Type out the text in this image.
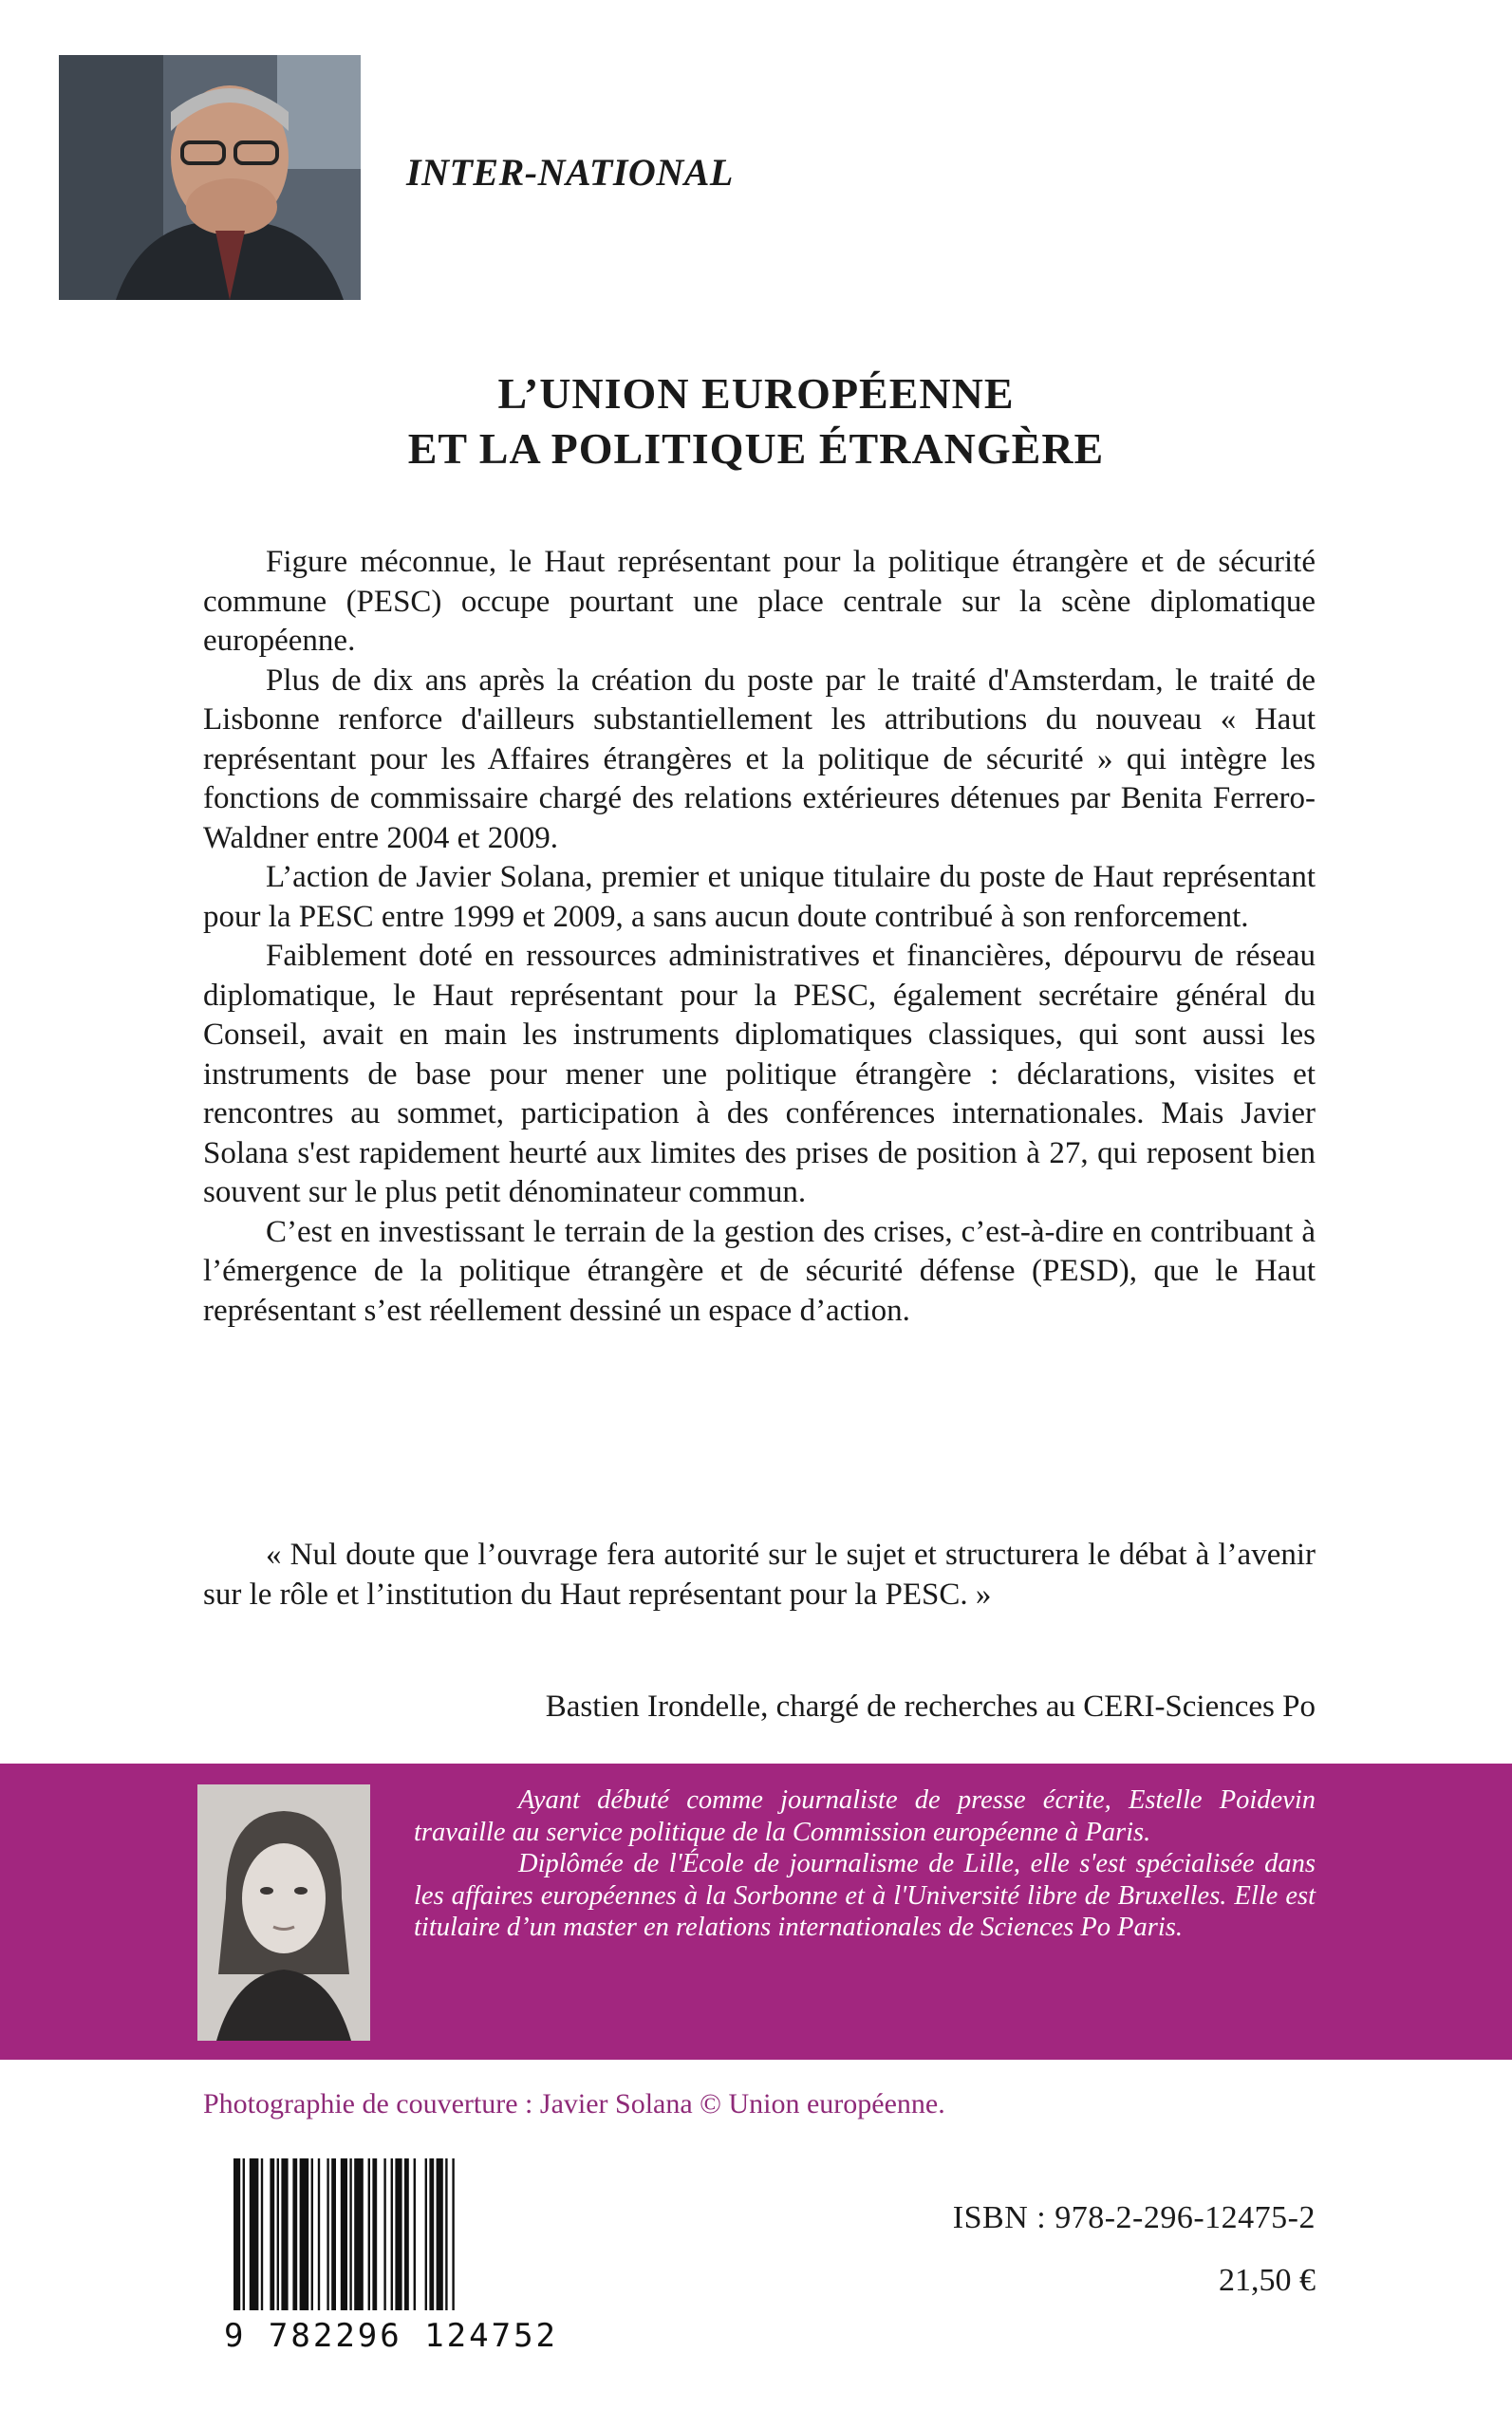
INTER-NATIONAL
L’UNION EUROPÉENNE
ET LA POLITIQUE ÉTRANGÈRE

Figure méconnue, le Haut représentant pour la politique étrangère et de sécurité commune (PESC) occupe pourtant une place centrale sur la scène diplomatique européenne.

Plus de dix ans après la création du poste par le traité d'Amsterdam, le traité de Lisbonne renforce d'ailleurs substantiellement les attributions du nouveau « Haut représentant pour les Affaires étrangères et la politique de sécurité » qui intègre les fonctions de commissaire chargé des relations extérieures détenues par Benita Ferrero-Waldner entre 2004 et 2009.

L’action de Javier Solana, premier et unique titulaire du poste de Haut représentant pour la PESC entre 1999 et 2009, a sans aucun doute contribué à son renforcement.

Faiblement doté en ressources administratives et financières, dépourvu de réseau diplomatique, le Haut représentant pour la PESC, également secrétaire général du Conseil, avait en main les instruments diplomatiques classiques, qui sont aussi les instruments de base pour mener une politique étrangère : déclarations, visites et rencontres au sommet, participation à des conférences internationales. Mais Javier Solana s'est rapidement heurté aux limites des prises de position à 27, qui reposent bien souvent sur le plus petit dénominateur commun.

C’est en investissant le terrain de la gestion des crises, c’est-à-dire en contribuant à l’émergence de la politique étrangère et de sécurité défense (PESD), que le Haut représentant s’est réellement dessiné un espace d’action.

« Nul doute que l’ouvrage fera autorité sur le sujet et structurera le débat à l’avenir sur le rôle et l’institution du Haut représentant pour la PESC. »

Bastien Irondelle, chargé de recherches au CERI-Sciences Po

Ayant débuté comme journaliste de presse écrite, Estelle Poidevin travaille au service politique de la Commission européenne à Paris.

Diplômée de l'École de journalisme de Lille, elle s'est spécialisée dans les affaires européennes à la Sorbonne et à l'Université libre de Bruxelles. Elle est titulaire d’un master en relations internationales de Sciences Po Paris.

Photographie de couverture : Javier Solana © Union européenne.
9 782296 124752
ISBN : 978-2-296-12475-2
21,50 €
